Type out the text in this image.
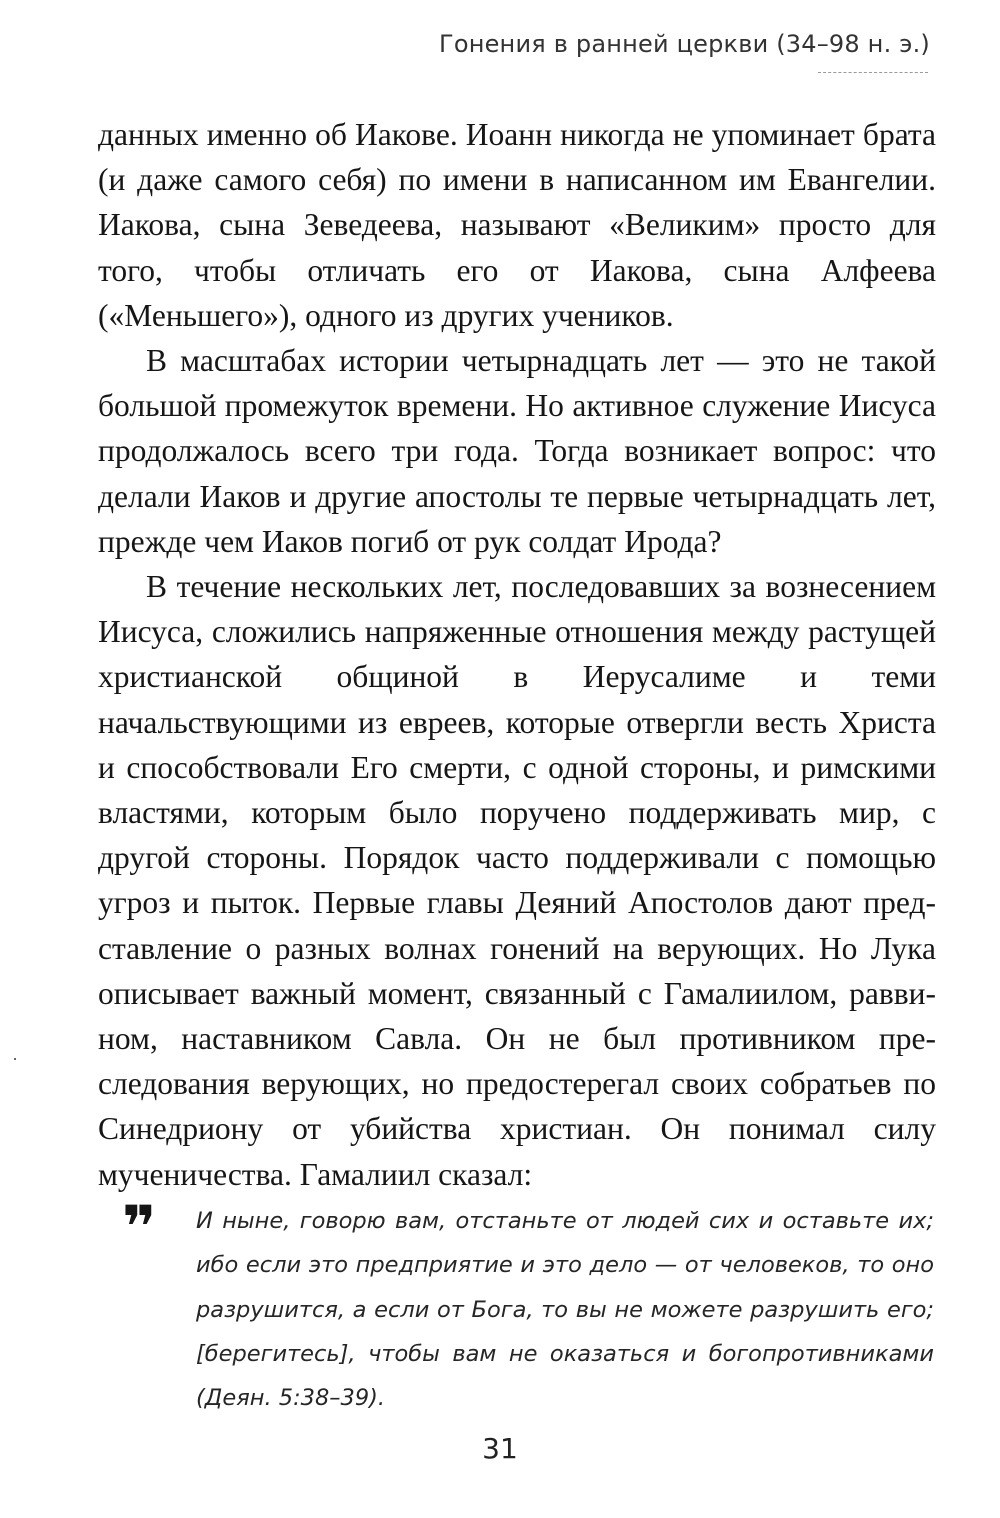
Гонения в ранней церкви (34–98 н. э.)

данных именно об Иакове. Иоанн никогда не упоминает брата (и даже самого себя) по имени в написанном им Евангелии. Иакова, сына Зеведеева, называют «Великим» просто для того, чтобы отличать его от Иакова, сына Алфеева («Меньшего»), одного из других учеников.

В масштабах истории четырнадцать лет — это не такой большой промежуток времени. Но активное служение Иисуса продолжалось всего три года. Тогда возникает вопрос: что делали Иаков и другие апостолы те первые четырнадцать лет, прежде чем Иаков погиб от рук солдат Ирода?

В течение нескольких лет, последовавших за вознесением Иисуса, сложились напряженные отношения между растущей христианской общиной в Иерусалиме и теми начальствующими из евреев, которые отвергли весть Христа и способствовали Его смерти, с одной стороны, и римскими властями, которым было поручено поддерживать мир, с другой стороны. Порядок часто поддерживали с помощью угроз и пыток. Первые главы Деяний Апостолов дают представление о разных волнах гонений на верующих. Но Лука описывает важный момент, связанный с Гамалиилом, раввином, наставником Савла. Он не был противником преследования верующих, но предостерегал своих собратьев по Синедриону от убийства христиан. Он понимал силу мученичества. Гамалиил сказал:

❞ И ныне, говорю вам, отстаньте от людей сих и оставьте их; ибо если это предприятие и это дело — от человеков, то оно разрушится, а если от Бога, то вы не можете разрушить его; [берегитесь], чтобы вам не оказаться и богопротивниками (Деян. 5:38–39).

31
